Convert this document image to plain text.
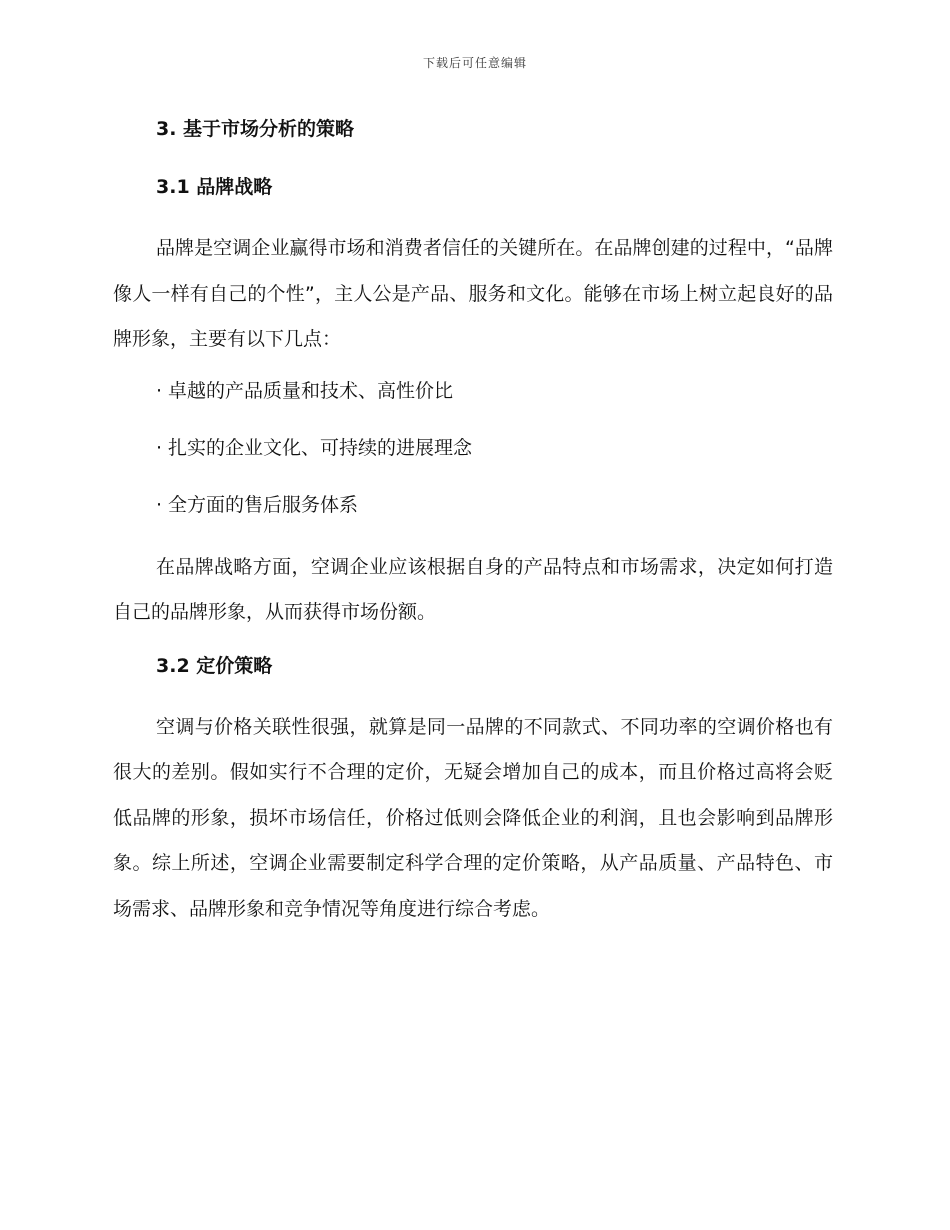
下载后可任意编辑
3. 基于市场分析的策略
3.1 品牌战略

品牌是空调企业赢得市场和消费者信任的关键所在。在品牌创建的过程中，“品牌像人一样有自己的个性”，主人公是产品、服务和文化。能够在市场上树立起良好的品牌形象，主要有以下几点：

· 卓越的产品质量和技术、高性价比
· 扎实的企业文化、可持续的进展理念
· 全方面的售后服务体系

在品牌战略方面，空调企业应该根据自身的产品特点和市场需求，决定如何打造自己的品牌形象，从而获得市场份额。

3.2 定价策略

空调与价格关联性很强，就算是同一品牌的不同款式、不同功率的空调价格也有很大的差别。假如实行不合理的定价，无疑会增加自己的成本，而且价格过高将会贬低品牌的形象，损坏市场信任，价格过低则会降低企业的利润，且也会影响到品牌形象。综上所述，空调企业需要制定科学合理的定价策略，从产品质量、产品特色、市场需求、品牌形象和竞争情况等角度进行综合考虑。
